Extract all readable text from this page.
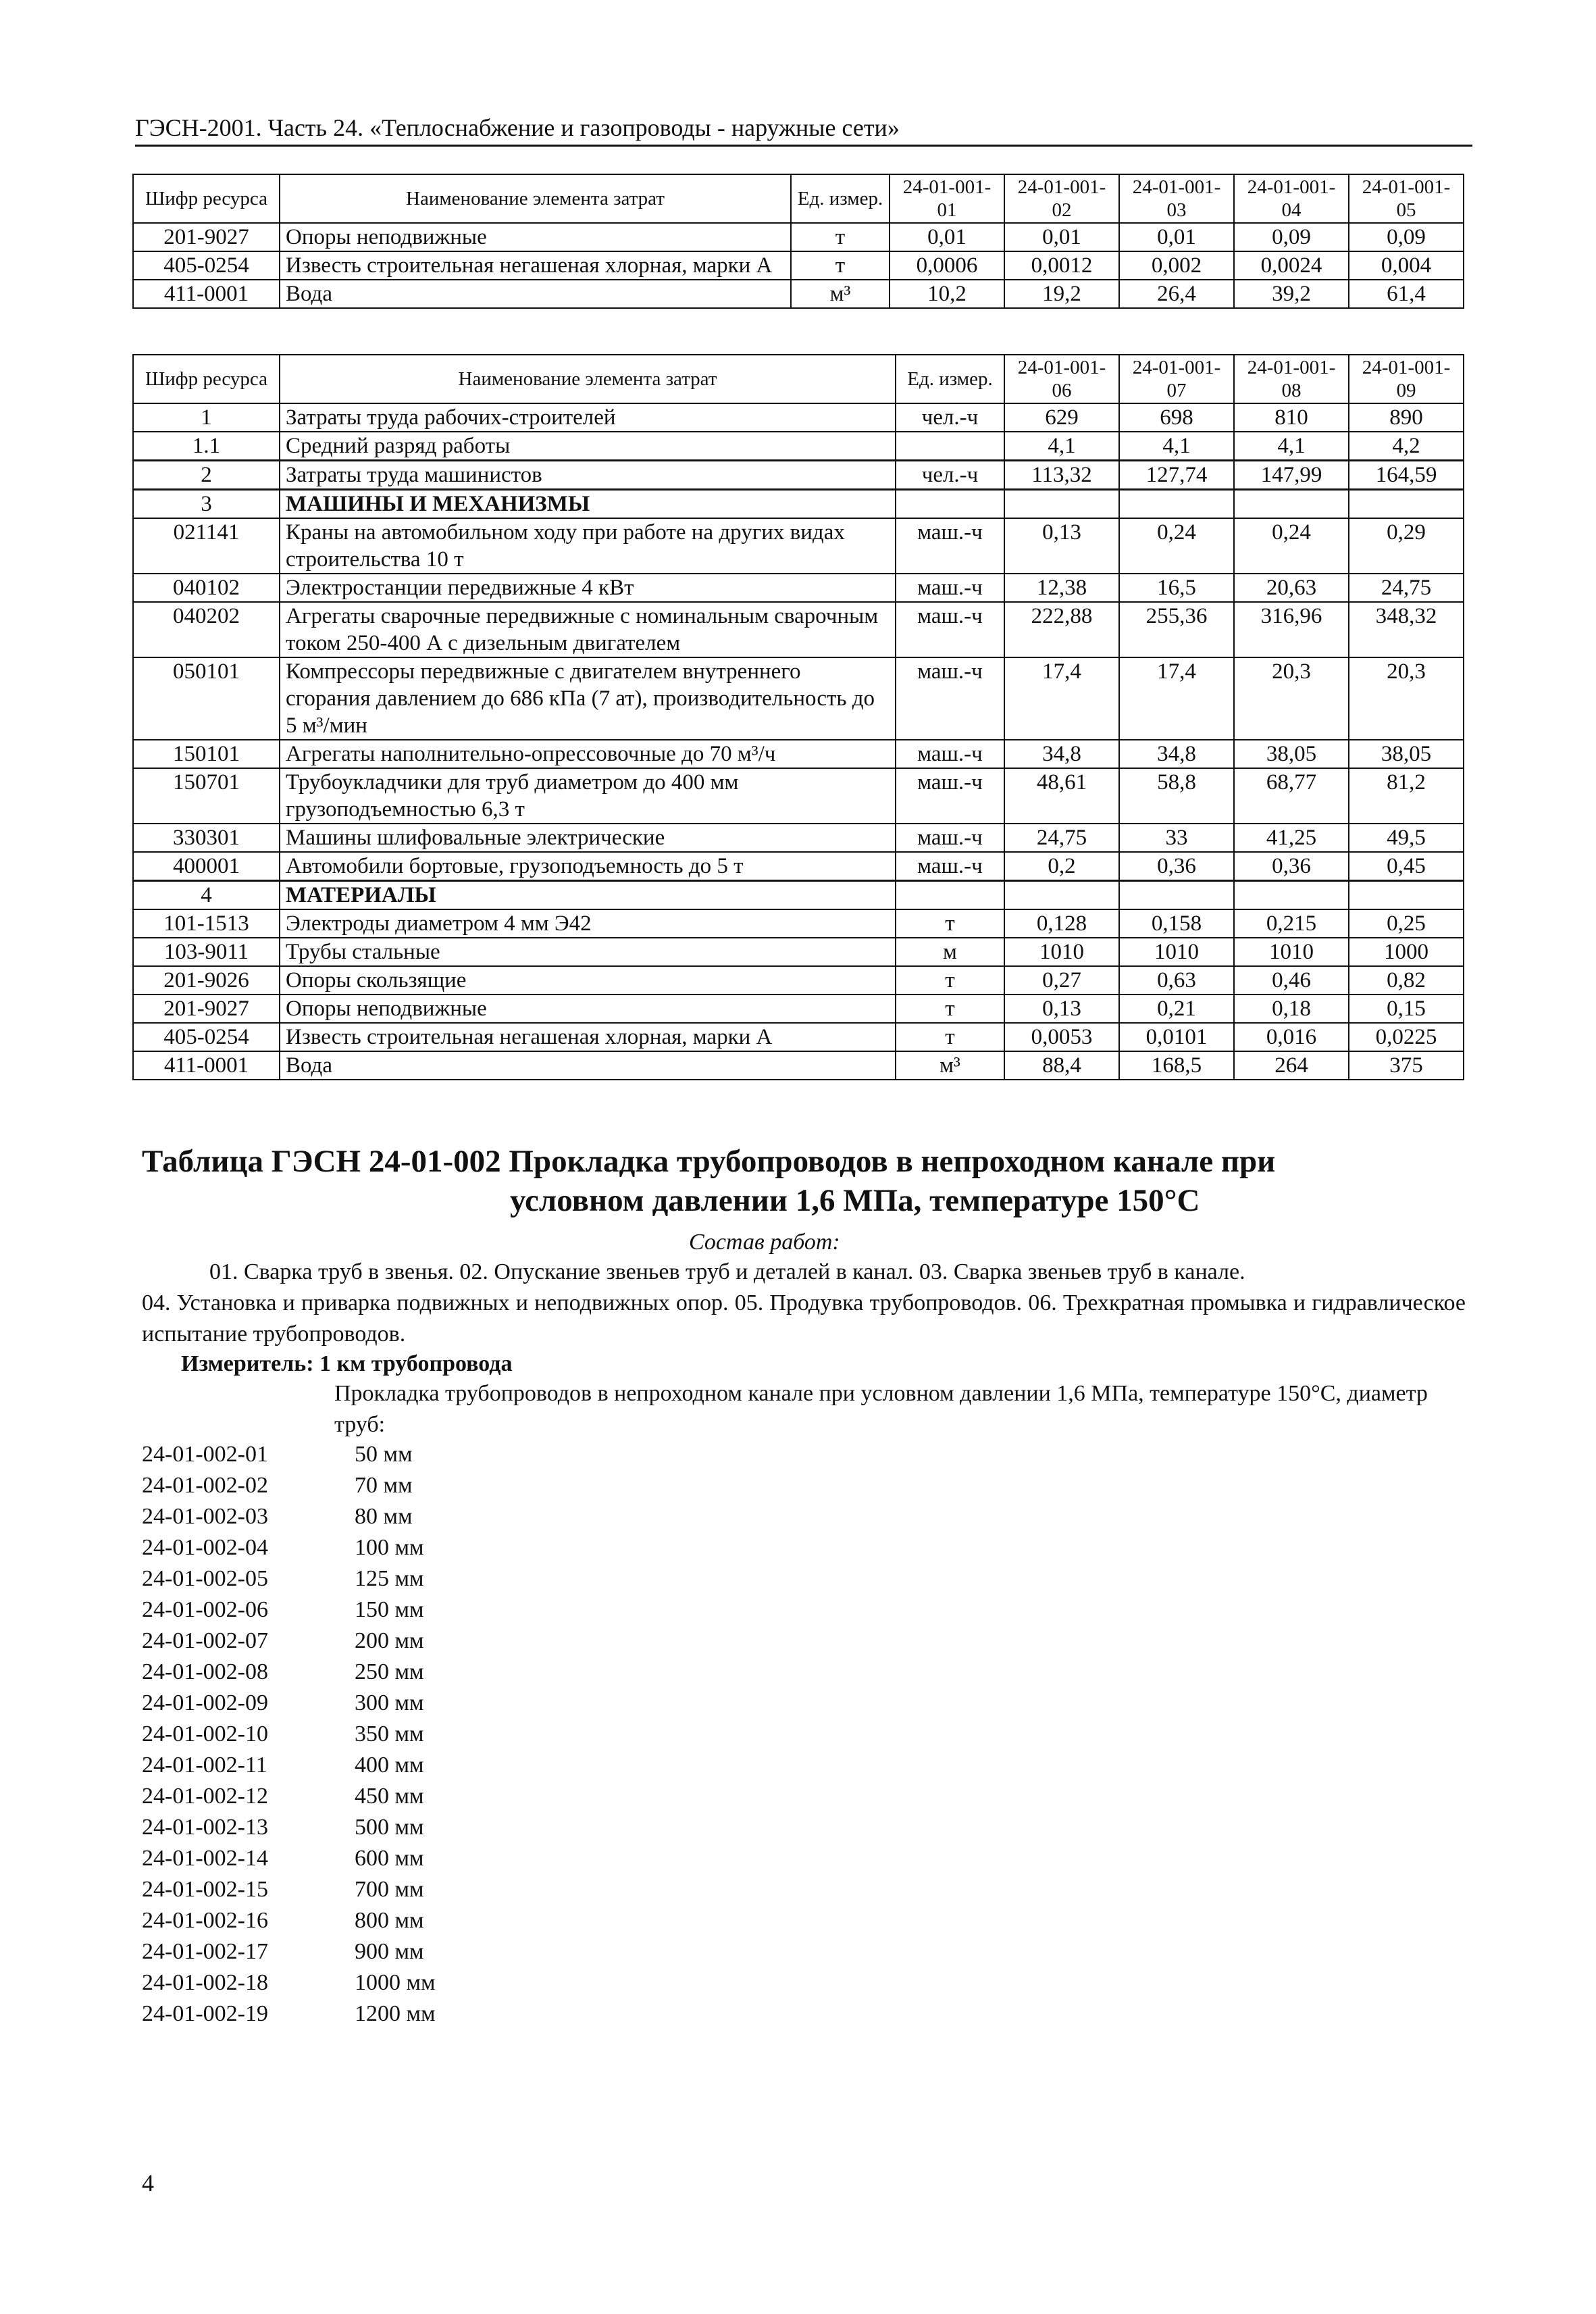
ГЭСН-2001. Часть 24. «Теплоснабжение и газопроводы - наружные сети»
Шифр ресурса	Наименование элемента затрат	Ед. измер.	24-01-001-01	24-01-001-02	24-01-001-03	24-01-001-04	24-01-001-05
201-9027	Опоры неподвижные	т	0,01	0,01	0,01	0,09	0,09
405-0254	Известь строительная негашеная хлорная, марки А	т	0,0006	0,0012	0,002	0,0024	0,004
411-0001	Вода	м³	10,2	19,2	26,4	39,2	61,4
Шифр ресурса	Наименование элемента затрат	Ед. измер.	24-01-001-06	24-01-001-07	24-01-001-08	24-01-001-09
1	Затраты труда рабочих-строителей	чел.-ч	629	698	810	890
1.1	Средний разряд работы		4,1	4,1	4,1	4,2
2	Затраты труда машинистов	чел.-ч	113,32	127,74	147,99	164,59
3	МАШИНЫ И МЕХАНИЗМЫ					
021141	Краны на автомобильном ходу при работе на других видах строительства 10 т	маш.-ч	0,13	0,24	0,24	0,29
040102	Электростанции передвижные 4 кВт	маш.-ч	12,38	16,5	20,63	24,75
040202	Агрегаты сварочные передвижные с номинальным сварочным током 250-400 А с дизельным двигателем	маш.-ч	222,88	255,36	316,96	348,32
050101	Компрессоры передвижные с двигателем внутреннего сгорания давлением до 686 кПа (7 ат), производительность до 5 м³/мин	маш.-ч	17,4	17,4	20,3	20,3
150101	Агрегаты наполнительно-опрессовочные до 70 м³/ч	маш.-ч	34,8	34,8	38,05	38,05
150701	Трубоукладчики для труб диаметром до 400 мм грузоподъемностью 6,3 т	маш.-ч	48,61	58,8	68,77	81,2
330301	Машины шлифовальные электрические	маш.-ч	24,75	33	41,25	49,5
400001	Автомобили бортовые, грузоподъемность до 5 т	маш.-ч	0,2	0,36	0,36	0,45
4	МАТЕРИАЛЫ					
101-1513	Электроды диаметром 4 мм Э42	т	0,128	0,158	0,215	0,25
103-9011	Трубы стальные	м	1010	1010	1010	1000
201-9026	Опоры скользящие	т	0,27	0,63	0,46	0,82
201-9027	Опоры неподвижные	т	0,13	0,21	0,18	0,15
405-0254	Известь строительная негашеная хлорная, марки А	т	0,0053	0,0101	0,016	0,0225
411-0001	Вода	м³	88,4	168,5	264	375
Таблица ГЭСН 24-01-002 Прокладка трубопроводов в непроходном канале при
условном давлении 1,6 МПа, температуре 150°С
Состав работ:
01. Сварка труб в звенья. 02. Опускание звеньев труб и деталей в канал. 03. Сварка звеньев труб в канале.
04. Установка и приварка подвижных и неподвижных опор. 05. Продувка трубопроводов. 06. Трехкратная промывка и гидравлическое испытание трубопроводов.
Измеритель: 1 км трубопровода
Прокладка трубопроводов в непроходном канале при условном давлении 1,6 МПа, температуре 150°С, диаметр труб:
24-01-002-01	50 мм
24-01-002-02	70 мм
24-01-002-03	80 мм
24-01-002-04	100 мм
24-01-002-05	125 мм
24-01-002-06	150 мм
24-01-002-07	200 мм
24-01-002-08	250 мм
24-01-002-09	300 мм
24-01-002-10	350 мм
24-01-002-11	400 мм
24-01-002-12	450 мм
24-01-002-13	500 мм
24-01-002-14	600 мм
24-01-002-15	700 мм
24-01-002-16	800 мм
24-01-002-17	900 мм
24-01-002-18	1000 мм
24-01-002-19	1200 мм
4
